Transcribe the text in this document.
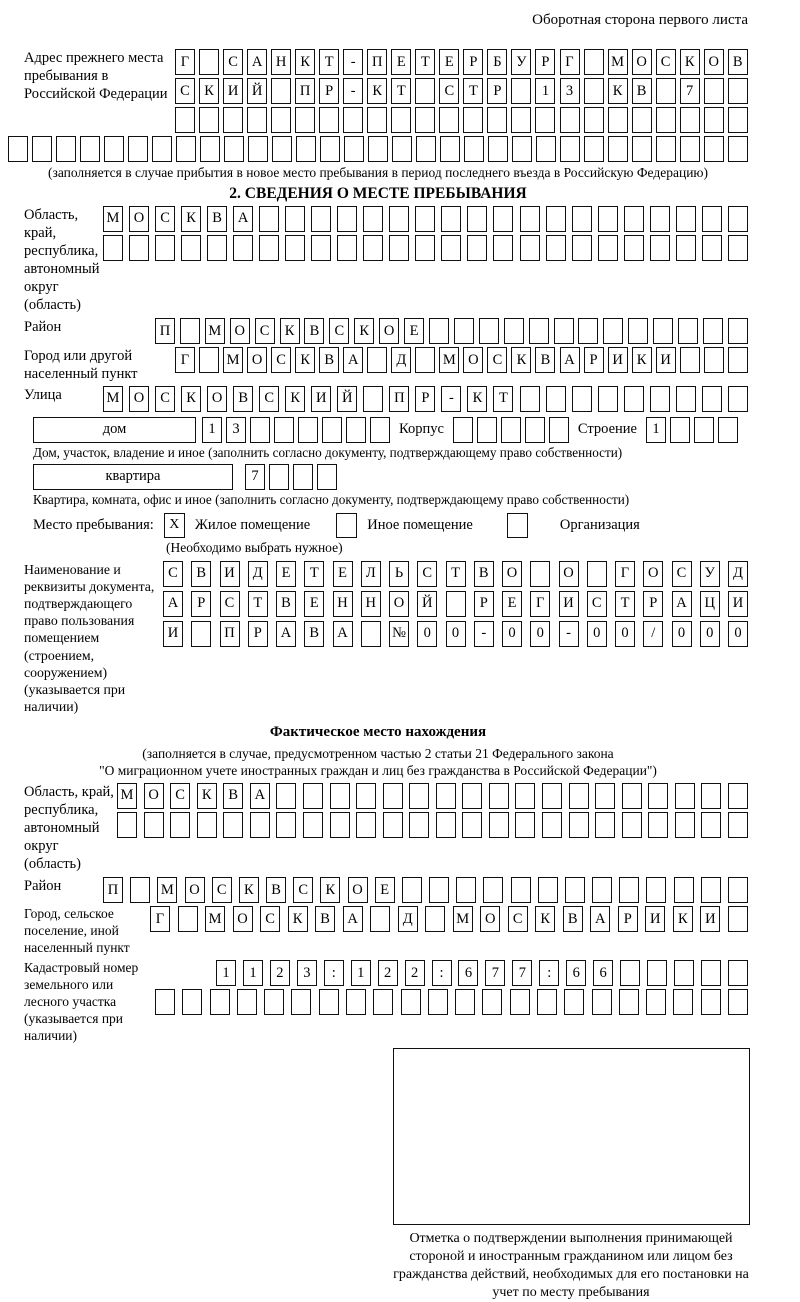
Оборотная сторона первого листа
Адрес прежнего места пребывания в Российской Федерации
Г	С А Н К	Т	-	П Е	Т	Е	Р	Б	У	Р	Г	М О С К О В
С К И Й	П	Р	-	К	Т	С	Т	Р	1	3	К В	7
(заполняется в случае прибытия в новое место пребывания в период последнего въезда в Российскую Федерацию)
2. СВЕДЕНИЯ О МЕСТЕ ПРЕБЫВАНИЯ
Область, край, республика, автономный округ (область)
М О	С	К	В	А
Район	П	М О	С	К	В	С	К	О	Е
Город или другой населенный пункт
Г	М О С К В А	Д	М О С К В А	Р	И К И
Улица	М О	С	К	О	В	С	К	И	Й	П	Р	-	К	Т
дом	1	3	Корпус	Строение	1
Дом, участок, владение и иное (заполнить согласно документу, подтверждающему право собственности)
квартира	7
Квартира, комната, офис и иное (заполнить согласно документу, подтверждающему право собственности)
Место пребывания:	X	Жилое помещение	Иное помещение	Организация
(Необходимо выбрать нужное)
Наименование и реквизиты документа, подтверждающего право пользования помещением (строением, сооружением) (указывается при наличии)
С	В	И	Д	Е	Т	Е	Л	Ь	С	Т	В	О	О	Г	О	С	У	Д
А	Р	С	Т	В	Е	Н	Н	О	Й	Р	Е	Г	И	С	Т	Р	А	Ц	И
И	П	Р	А	В	А	№	0	0	-	0	0	-	0	0	/	0	0	0
Фактическое место нахождения
(заполняется в случае, предусмотренном частью 2 статьи 21 Федерального закона
"О миграционном учете иностранных граждан и лиц без гражданства в Российской Федерации")
Область, край, республика, автономный округ (область)
М	О	С	К	В	А
Район	П	М	О	С	К	В	С	К	О	Е
Город, сельское поселение, иной населенный пункт
Г	М	О	С	К	В	А	Д	М	О	С	К	В	А	Р	И	К	И
Кадастровый номер земельного или лесного участка (указывается при наличии)
1	1	2	3	:	1	2	2	:	6	7	7	:	6	6
Отметка о подтверждении выполнения принимающей стороной и иностранным гражданином или лицом без гражданства действий, необходимых для его постановки на учет по месту пребывания
